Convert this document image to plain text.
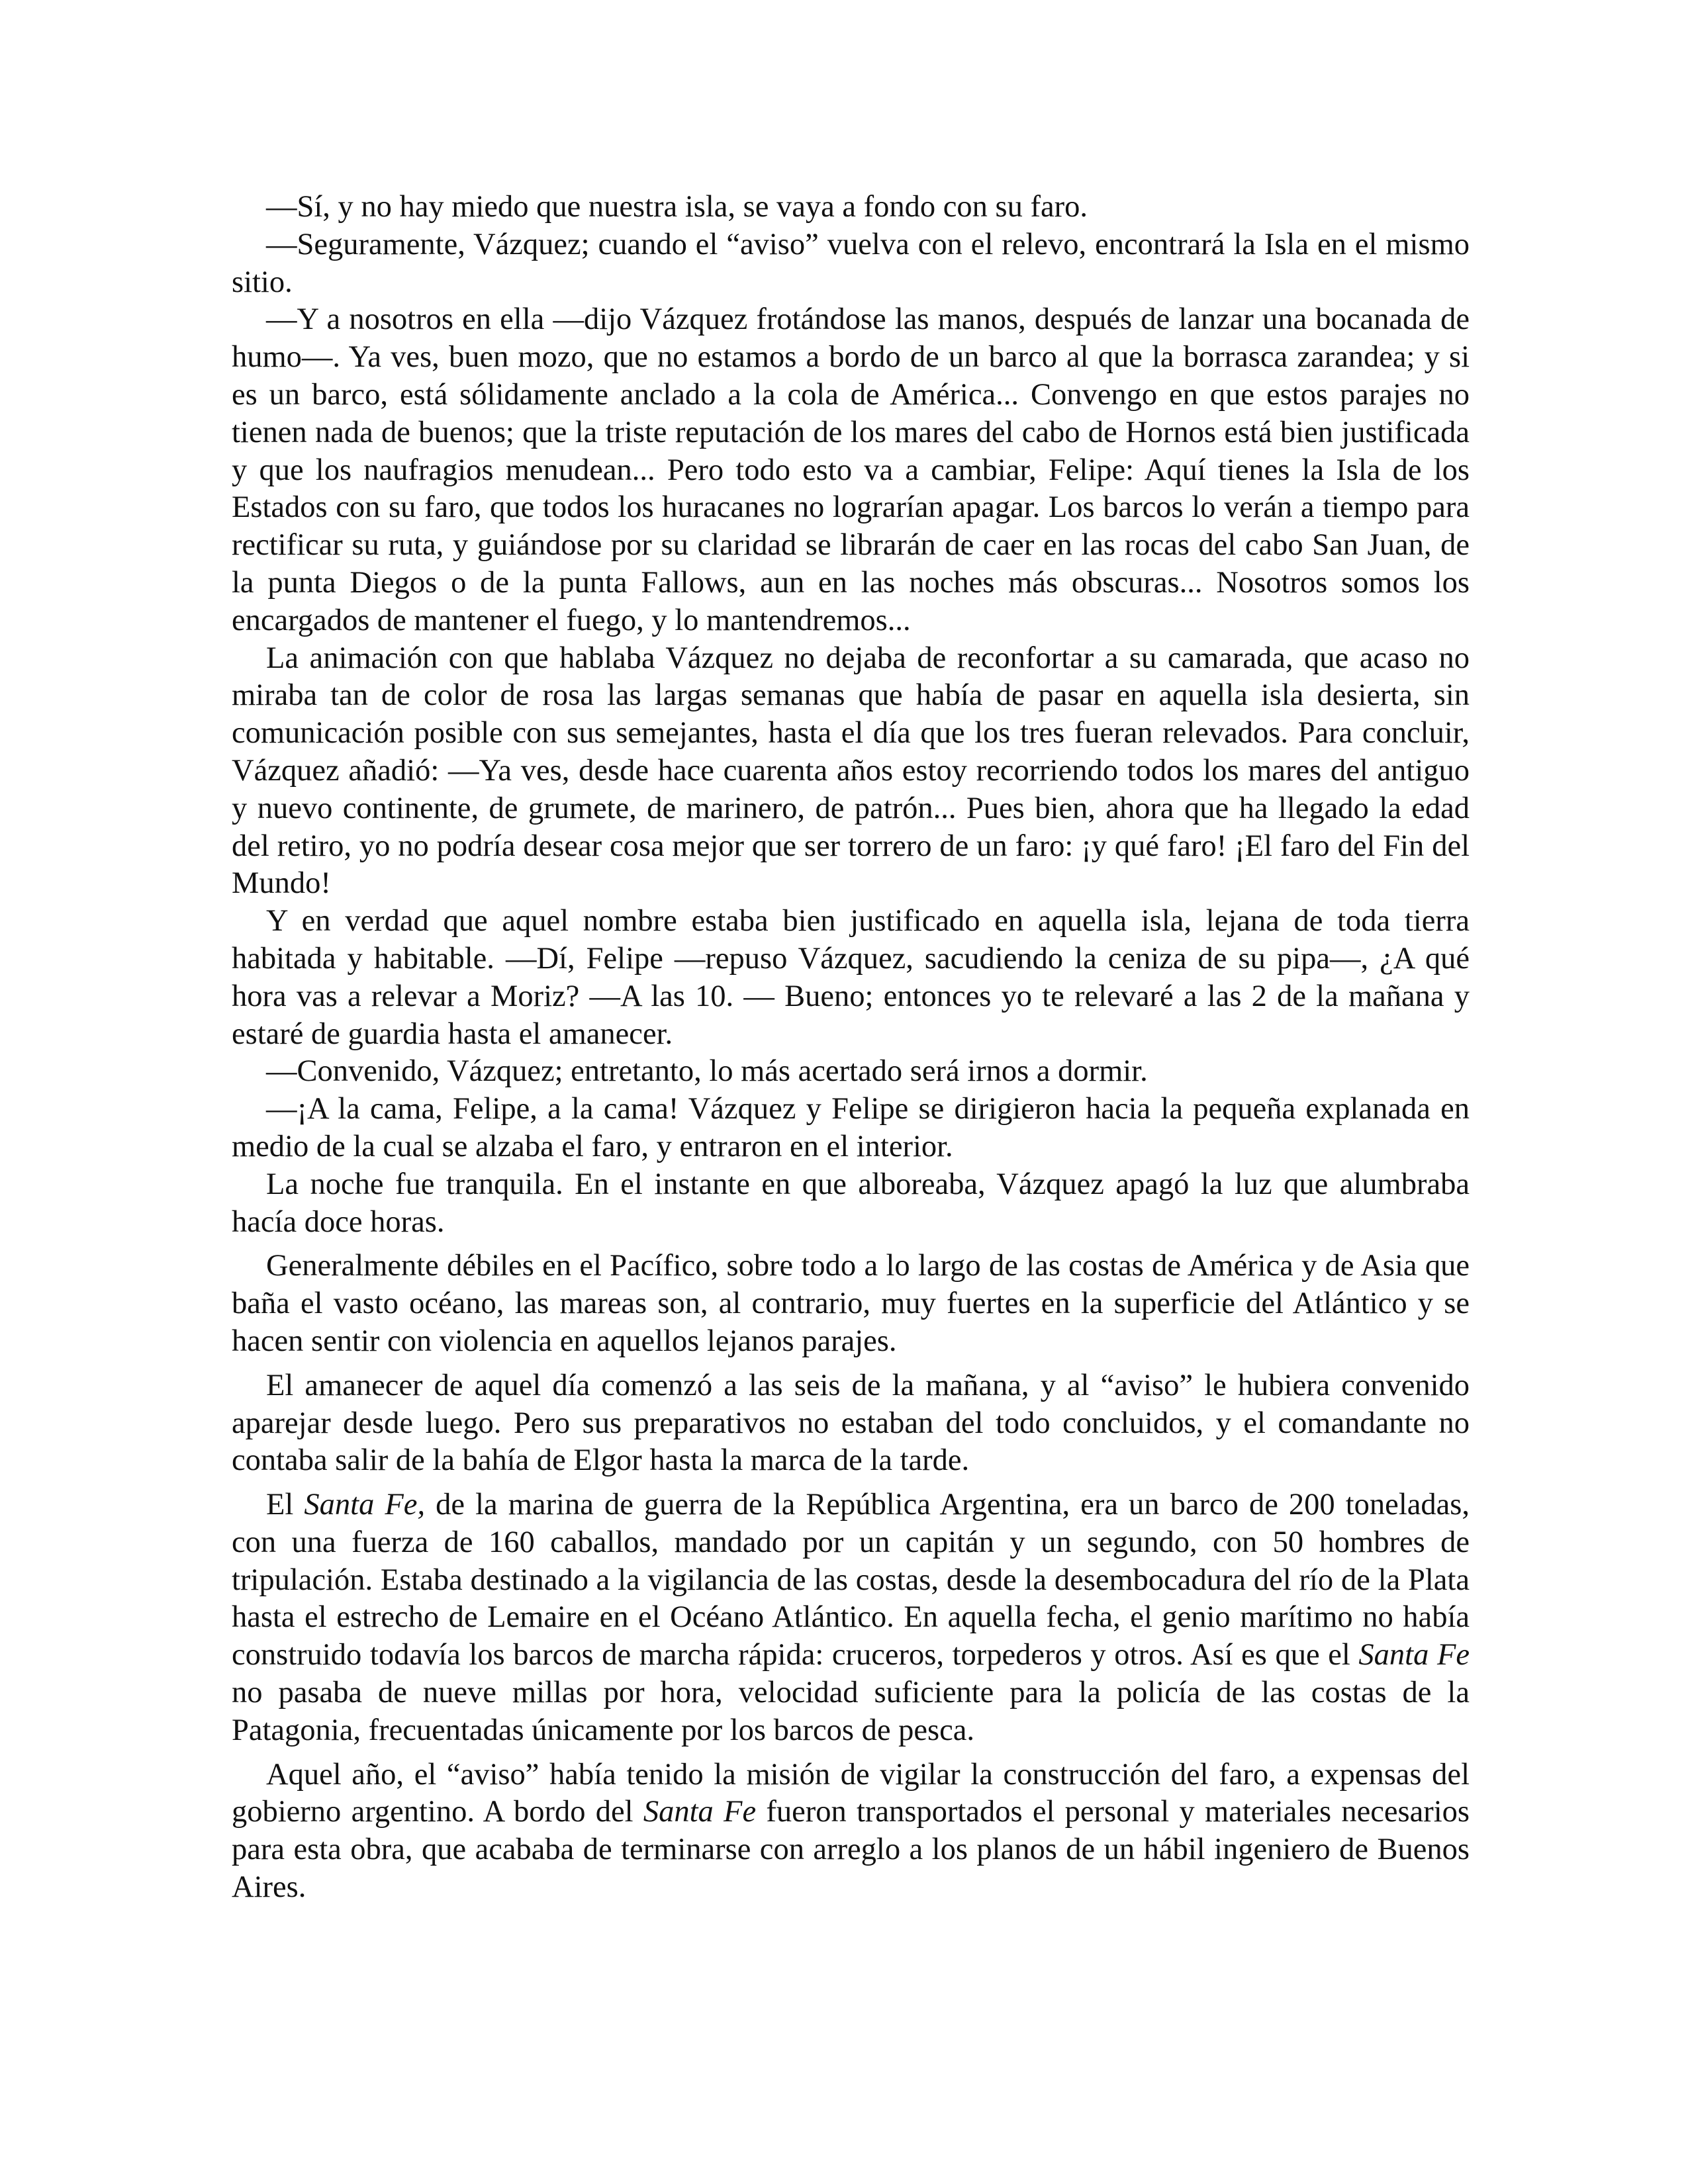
—Sí, y no hay miedo que nuestra isla, se vaya a fondo con su faro.

—Seguramente, Vázquez; cuando el “aviso” vuelva con el relevo, encontrará la Isla en el mismo sitio.

—Y a nosotros en ella —dijo Vázquez frotándose las manos, después de lanzar una bocanada de humo—. Ya ves, buen mozo, que no estamos a bordo de un barco al que la borrasca zarandea; y si es un barco, está sólidamente anclado a la cola de América... Convengo en que estos parajes no tienen nada de buenos; que la triste reputación de los mares del cabo de Hornos está bien justificada y que los naufragios menudean... Pero todo esto va a cambiar, Felipe: Aquí tienes la Isla de los Estados con su faro, que todos los huracanes no lograrían apagar. Los barcos lo verán a tiempo para rectificar su ruta, y guiándose por su claridad se librarán de caer en las rocas del cabo San Juan, de la punta Diegos o de la punta Fallows, aun en las noches más obscuras... Nosotros somos los encargados de mantener el fuego, y lo mantendremos...

La animación con que hablaba Vázquez no dejaba de reconfortar a su camarada, que acaso no miraba tan de color de rosa las largas semanas que había de pasar en aquella isla desierta, sin comunicación posible con sus semejantes, hasta el día que los tres fueran relevados. Para concluir, Vázquez añadió: —Ya ves, desde hace cuarenta años estoy recorriendo todos los mares del antiguo y nuevo continente, de grumete, de marinero, de patrón... Pues bien, ahora que ha llegado la edad del retiro, yo no podría desear cosa mejor que ser torrero de un faro: ¡y qué faro! ¡El faro del Fin del Mundo!

Y en verdad que aquel nombre estaba bien justificado en aquella isla, lejana de toda tierra habitada y habitable. —Dí, Felipe —repuso Vázquez, sacudiendo la ceniza de su pipa—, ¿A qué hora vas a relevar a Moriz? —A las 10. — Bueno; entonces yo te relevaré a las 2 de la mañana y estaré de guardia hasta el amanecer.

—Convenido, Vázquez; entretanto, lo más acertado será irnos a dormir.

—¡A la cama, Felipe, a la cama! Vázquez y Felipe se dirigieron hacia la pequeña explanada en medio de la cual se alzaba el faro, y entraron en el interior.

La noche fue tranquila. En el instante en que alboreaba, Vázquez apagó la luz que alumbraba hacía doce horas.

Generalmente débiles en el Pacífico, sobre todo a lo largo de las costas de América y de Asia que baña el vasto océano, las mareas son, al contrario, muy fuertes en la superficie del Atlántico y se hacen sentir con violencia en aquellos lejanos parajes.

El amanecer de aquel día comenzó a las seis de la mañana, y al “aviso” le hubiera convenido aparejar desde luego. Pero sus preparativos no estaban del todo concluidos, y el comandante no contaba salir de la bahía de Elgor hasta la marca de la tarde.

El Santa Fe, de la marina de guerra de la República Argentina, era un barco de 200 toneladas, con una fuerza de 160 caballos, mandado por un capitán y un segundo, con 50 hombres de tripulación. Estaba destinado a la vigilancia de las costas, desde la desembocadura del río de la Plata hasta el estrecho de Lemaire en el Océano Atlántico. En aquella fecha, el genio marítimo no había construido todavía los barcos de marcha rápida: cruceros, torpederos y otros. Así es que el Santa Fe no pasaba de nueve millas por hora, velocidad suficiente para la policía de las costas de la Patagonia, frecuentadas únicamente por los barcos de pesca.

Aquel año, el “aviso” había tenido la misión de vigilar la construcción del faro, a expensas del gobierno argentino. A bordo del Santa Fe fueron transportados el personal y materiales necesarios para esta obra, que acababa de terminarse con arreglo a los planos de un hábil ingeniero de Buenos Aires.
